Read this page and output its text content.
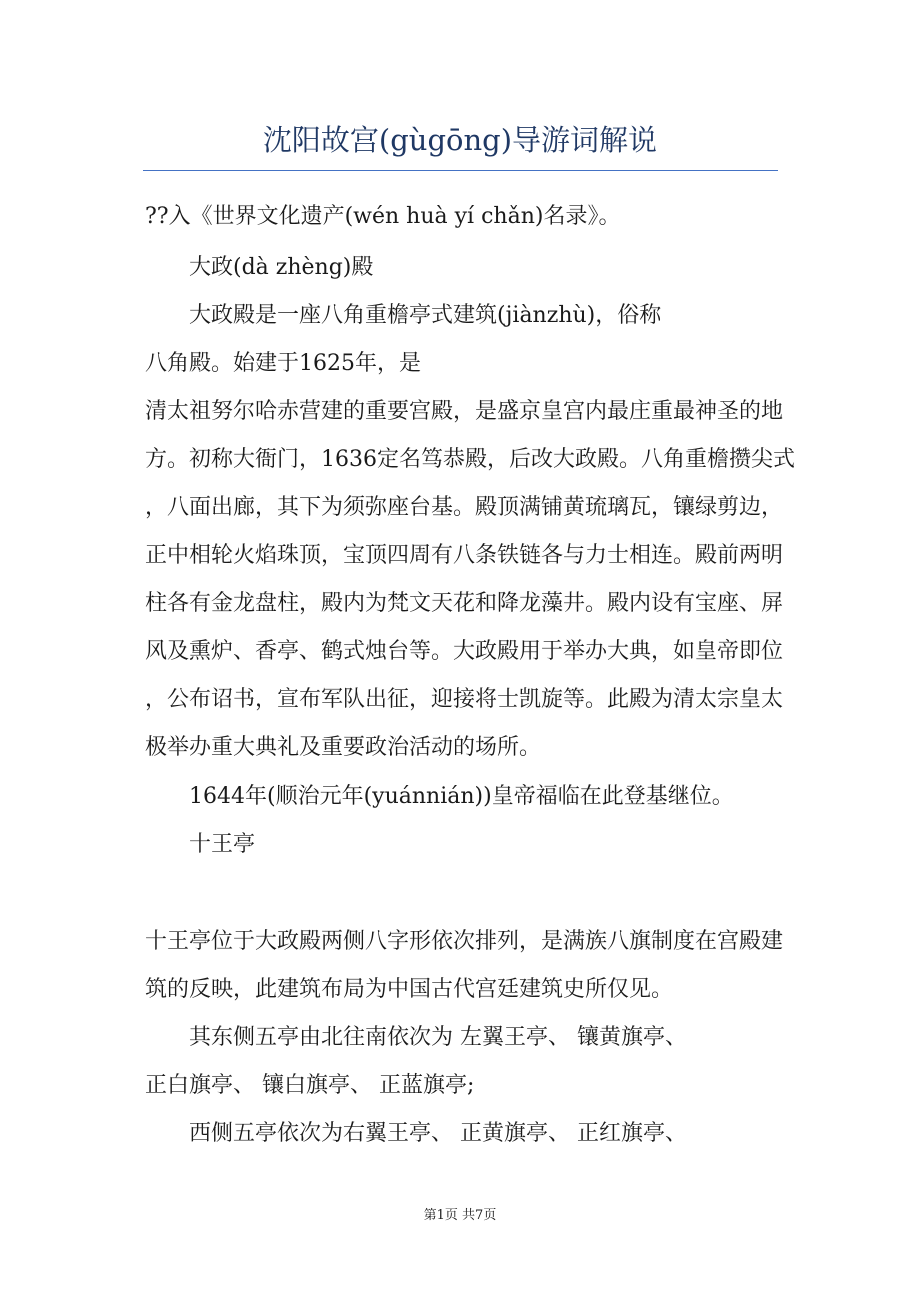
沈阳故宫(gùgōng)导游词解说
??入《世界文化遗产(wén huà yí chǎn)名录》。
大政(dà zhèng)殿
大政殿是一座八角重檐亭式建筑(jiànzhù)，俗称
八角殿。始建于1625年，是
清太祖努尔哈赤营建的重要宫殿，是盛京皇宫内最庄重最神圣的地
方。初称大衙门，1636定名笃恭殿，后改大政殿。八角重檐攒尖式
，八面出廊，其下为须弥座台基。殿顶满铺黄琉璃瓦，镶绿剪边，
正中相轮火焰珠顶，宝顶四周有八条铁链各与力士相连。殿前两明
柱各有金龙盘柱，殿内为梵文天花和降龙藻井。殿内设有宝座、屏
风及熏炉、香亭、鹤式烛台等。大政殿用于举办大典，如皇帝即位
，公布诏书，宣布军队出征，迎接将士凯旋等。此殿为清太宗皇太
极举办重大典礼及重要政治活动的场所。
1644年(顺治元年(yuánnián))皇帝福临在此登基继位。
十王亭
十王亭位于大政殿两侧八字形依次排列，是满族八旗制度在宫殿建
筑的反映，此建筑布局为中国古代宫廷建筑史所仅见。
其东侧五亭由北往南依次为 左翼王亭、 镶黄旗亭、
正白旗亭、 镶白旗亭、 正蓝旗亭;
西侧五亭依次为右翼王亭、 正黄旗亭、 正红旗亭、
第1页 共7页
